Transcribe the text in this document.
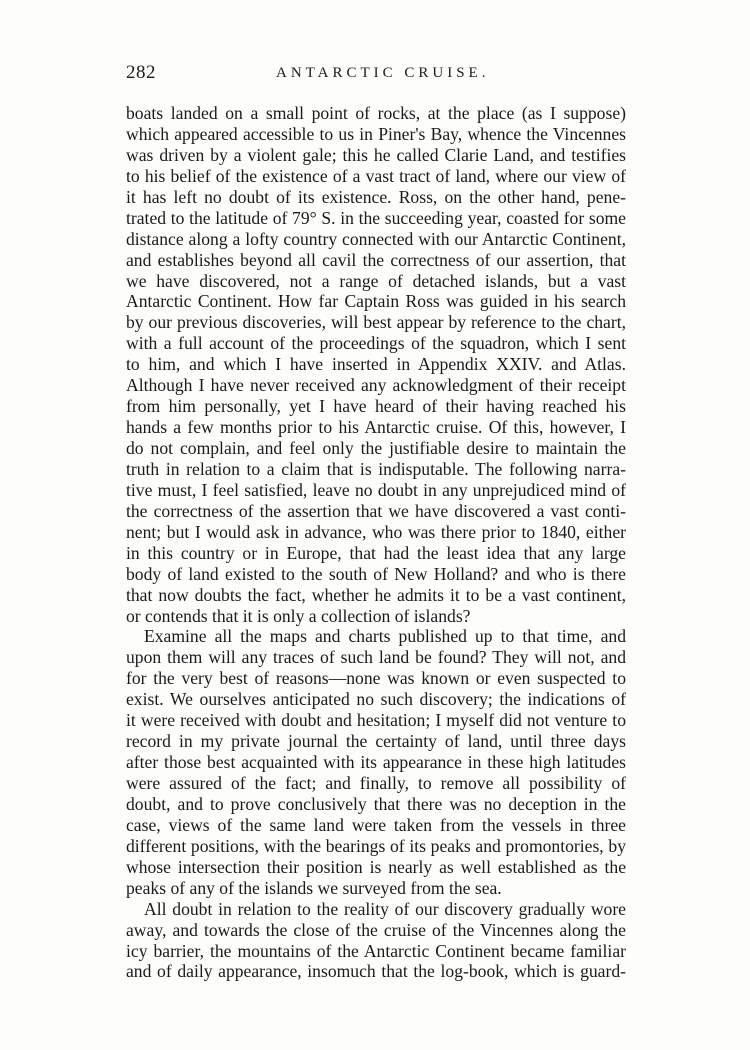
282	ANTARCTIC CRUISE.
boats landed on a small point of rocks, at the place (as I suppose)
which appeared accessible to us in Piner's Bay, whence the Vincennes
was driven by a violent gale; this he called Clarie Land, and testifies
to his belief of the existence of a vast tract of land, where our view of
it has left no doubt of its existence. Ross, on the other hand, pene-
trated to the latitude of 79° S. in the succeeding year, coasted for some
distance along a lofty country connected with our Antarctic Continent,
and establishes beyond all cavil the correctness of our assertion, that
we have discovered, not a range of detached islands, but a vast
Antarctic Continent. How far Captain Ross was guided in his search
by our previous discoveries, will best appear by reference to the chart,
with a full account of the proceedings of the squadron, which I sent
to him, and which I have inserted in Appendix XXIV. and Atlas.
Although I have never received any acknowledgment of their receipt
from him personally, yet I have heard of their having reached his
hands a few months prior to his Antarctic cruise. Of this, however, I
do not complain, and feel only the justifiable desire to maintain the
truth in relation to a claim that is indisputable. The following narra-
tive must, I feel satisfied, leave no doubt in any unprejudiced mind of
the correctness of the assertion that we have discovered a vast conti-
nent; but I would ask in advance, who was there prior to 1840, either
in this country or in Europe, that had the least idea that any large
body of land existed to the south of New Holland? and who is there
that now doubts the fact, whether he admits it to be a vast continent,
or contends that it is only a collection of islands?
Examine all the maps and charts published up to that time, and
upon them will any traces of such land be found? They will not, and
for the very best of reasons—none was known or even suspected to
exist. We ourselves anticipated no such discovery; the indications of
it were received with doubt and hesitation; I myself did not venture to
record in my private journal the certainty of land, until three days
after those best acquainted with its appearance in these high latitudes
were assured of the fact; and finally, to remove all possibility of
doubt, and to prove conclusively that there was no deception in the
case, views of the same land were taken from the vessels in three
different positions, with the bearings of its peaks and promontories, by
whose intersection their position is nearly as well established as the
peaks of any of the islands we surveyed from the sea.
All doubt in relation to the reality of our discovery gradually wore
away, and towards the close of the cruise of the Vincennes along the
icy barrier, the mountains of the Antarctic Continent became familiar
and of daily appearance, insomuch that the log-book, which is guard-
